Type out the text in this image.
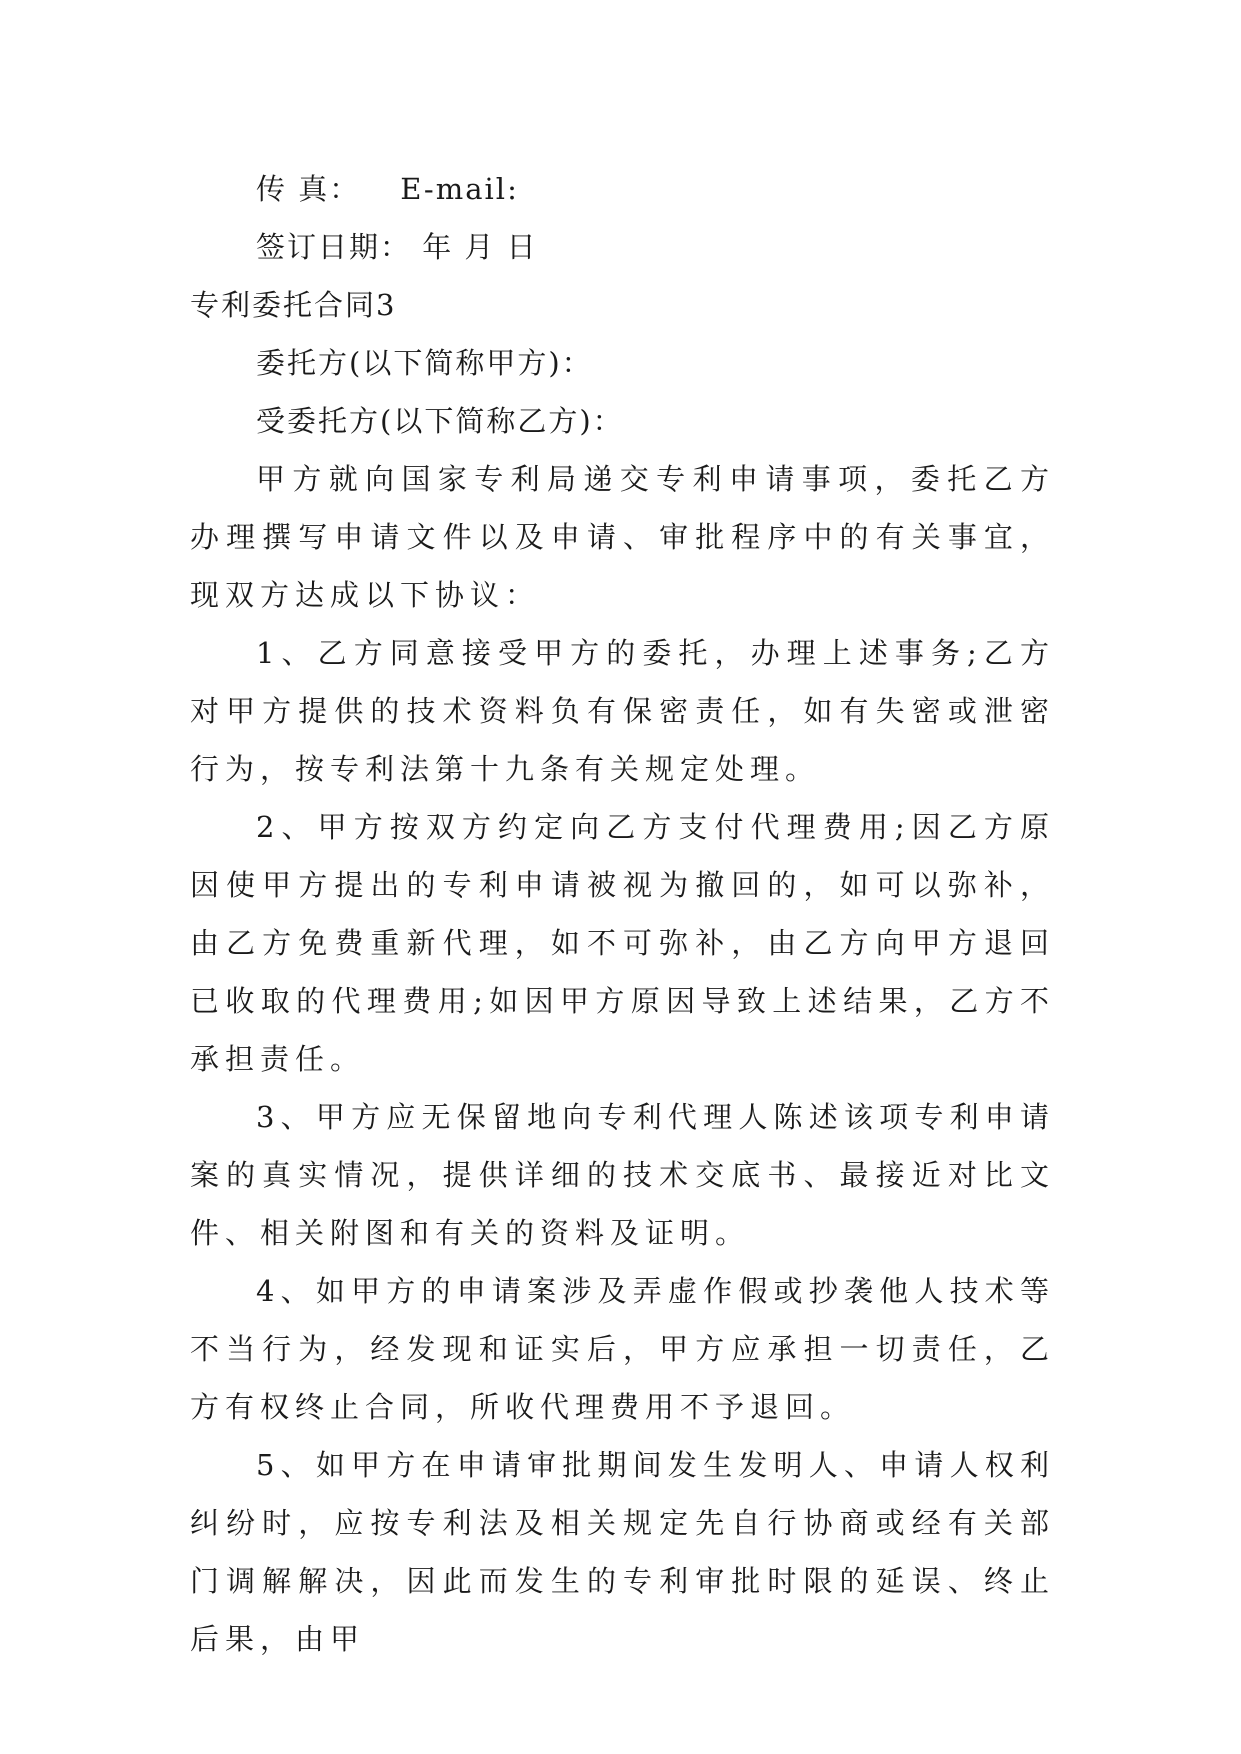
传 真： E-mail:
签订日期： 年 月 日
专利委托合同3
委托方(以下简称甲方)：
受委托方(以下简称乙方)：

甲方就向国家专利局递交专利申请事项，委托乙方办理撰写申请文件以及申请、审批程序中的有关事宜，现双方达成以下协议：

1、乙方同意接受甲方的委托，办理上述事务;乙方对甲方提供的技术资料负有保密责任，如有失密或泄密行为，按专利法第十九条有关规定处理。

2、甲方按双方约定向乙方支付代理费用;因乙方原因使甲方提出的专利申请被视为撤回的，如可以弥补，由乙方免费重新代理，如不可弥补，由乙方向甲方退回已收取的代理费用;如因甲方原因导致上述结果，乙方不承担责任。

3、甲方应无保留地向专利代理人陈述该项专利申请案的真实情况，提供详细的技术交底书、最接近对比文件、相关附图和有关的资料及证明。

4、如甲方的申请案涉及弄虚作假或抄袭他人技术等不当行为，经发现和证实后，甲方应承担一切责任，乙方有权终止合同，所收代理费用不予退回。

5、如甲方在申请审批期间发生发明人、申请人权利纠纷时，应按专利法及相关规定先自行协商或经有关部门调解解决，因此而发生的专利审批时限的延误、终止后果，由甲
